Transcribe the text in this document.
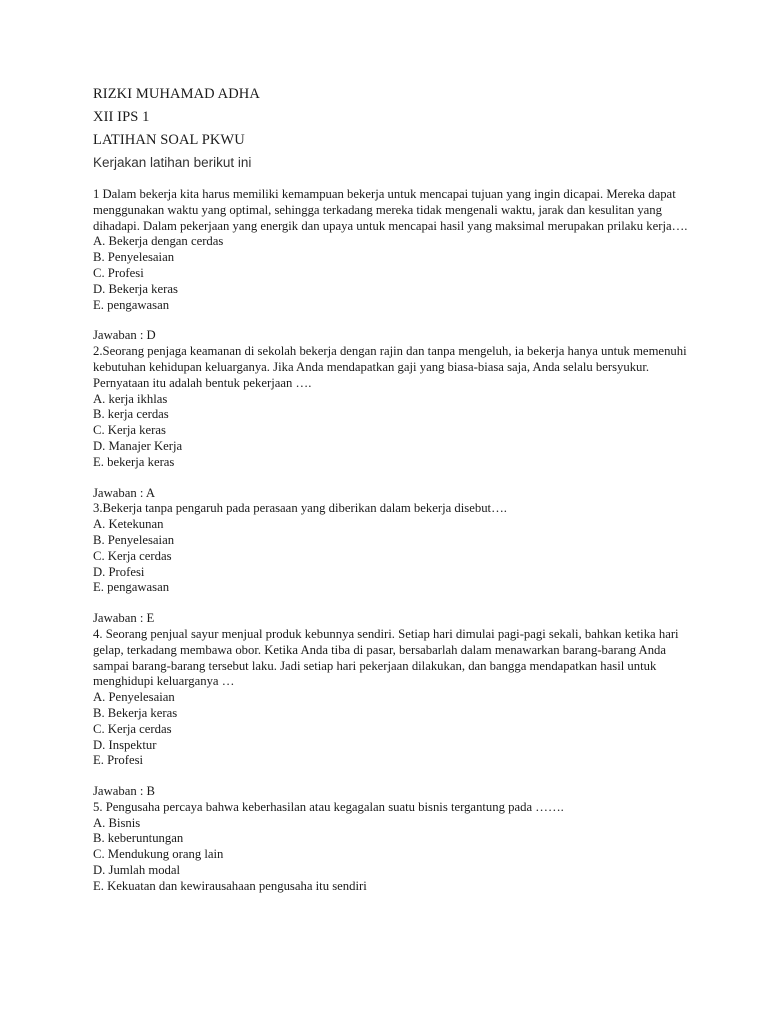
RIZKI MUHAMAD ADHA
XII IPS 1
LATIHAN SOAL PKWU
Kerjakan latihan berikut ini

1 Dalam bekerja kita harus memiliki kemampuan bekerja untuk mencapai tujuan yang ingin dicapai. Mereka dapat menggunakan waktu yang optimal, sehingga terkadang mereka tidak mengenali waktu, jarak dan kesulitan yang dihadapi. Dalam pekerjaan yang energik dan upaya untuk mencapai hasil yang maksimal merupakan prilaku kerja….

A. Bekerja dengan cerdas
B. Penyelesaian
C. Profesi
D. Bekerja keras
E. pengawasan

Jawaban : D

2.Seorang penjaga keamanan di sekolah bekerja dengan rajin dan tanpa mengeluh, ia bekerja hanya untuk memenuhi kebutuhan kehidupan keluarganya. Jika Anda mendapatkan gaji yang biasa-biasa saja, Anda selalu bersyukur. Pernyataan itu adalah bentuk pekerjaan ….

A. kerja ikhlas
B. kerja cerdas
C. Kerja keras
D. Manajer Kerja
E. bekerja keras

Jawaban : A

3.Bekerja tanpa pengaruh pada perasaan yang diberikan dalam bekerja disebut….

A. Ketekunan
B. Penyelesaian
C. Kerja cerdas
D. Profesi
E. pengawasan

Jawaban : E

4. Seorang penjual sayur menjual produk kebunnya sendiri. Setiap hari dimulai pagi-pagi sekali, bahkan ketika hari gelap, terkadang membawa obor. Ketika Anda tiba di pasar, bersabarlah dalam menawarkan barang-barang Anda sampai barang-barang tersebut laku. Jadi setiap hari pekerjaan dilakukan, dan bangga mendapatkan hasil untuk menghidupi keluarganya …

A. Penyelesaian
B. Bekerja keras
C. Kerja cerdas
D. Inspektur
E. Profesi

Jawaban : B

5. Pengusaha percaya bahwa keberhasilan atau kegagalan suatu bisnis tergantung pada …….

A. Bisnis
B. keberuntungan
C. Mendukung orang lain
D. Jumlah modal
E. Kekuatan dan kewirausahaan pengusaha itu sendiri
